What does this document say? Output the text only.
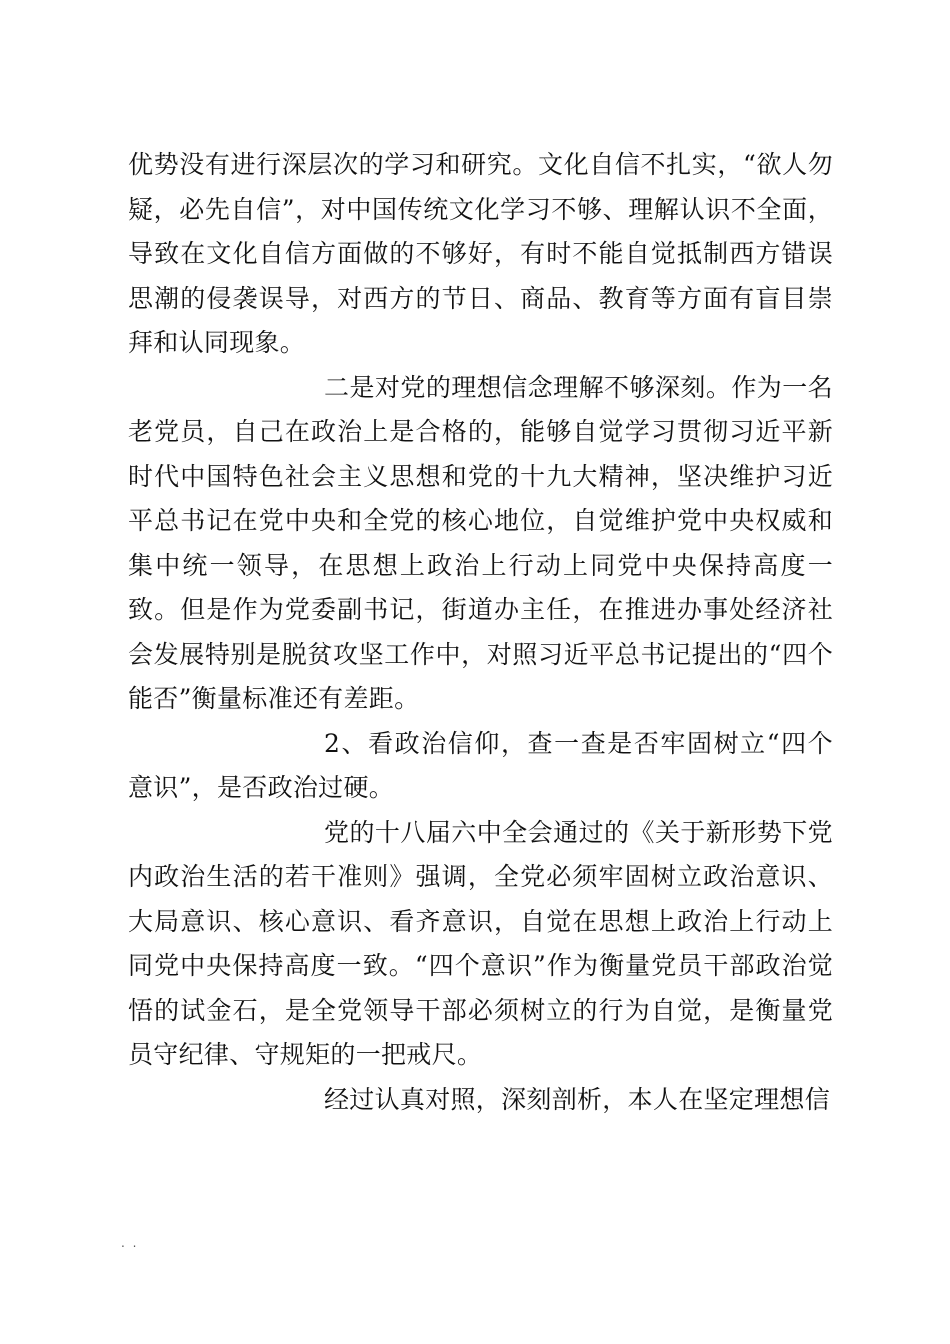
优势没有进行深层次的学习和研究。文化自信不扎实，“欲人勿疑，必先自信”，对中国传统文化学习不够、理解认识不全面，导致在文化自信方面做的不够好，有时不能自觉抵制西方错误思潮的侵袭误导，对西方的节日、商品、教育等方面有盲目崇拜和认同现象。

二是对党的理想信念理解不够深刻。作为一名老党员，自己在政治上是合格的，能够自觉学习贯彻习近平新时代中国特色社会主义思想和党的十九大精神，坚决维护习近平总书记在党中央和全党的核心地位，自觉维护党中央权威和集中统一领导，在思想上政治上行动上同党中央保持高度一致。但是作为党委副书记，街道办主任，在推进办事处经济社会发展特别是脱贫攻坚工作中，对照习近平总书记提出的“四个能否”衡量标准还有差距。

2、看政治信仰，查一查是否牢固树立“四个意识”，是否政治过硬。

党的十八届六中全会通过的《关于新形势下党内政治生活的若干准则》强调，全党必须牢固树立政治意识、大局意识、核心意识、看齐意识，自觉在思想上政治上行动上同党中央保持高度一致。“四个意识”作为衡量党员干部政治觉悟的试金石，是全党领导干部必须树立的行为自觉，是衡量党员守纪律、守规矩的一把戒尺。

经过认真对照，深刻剖析，本人在坚定理想信

. .
